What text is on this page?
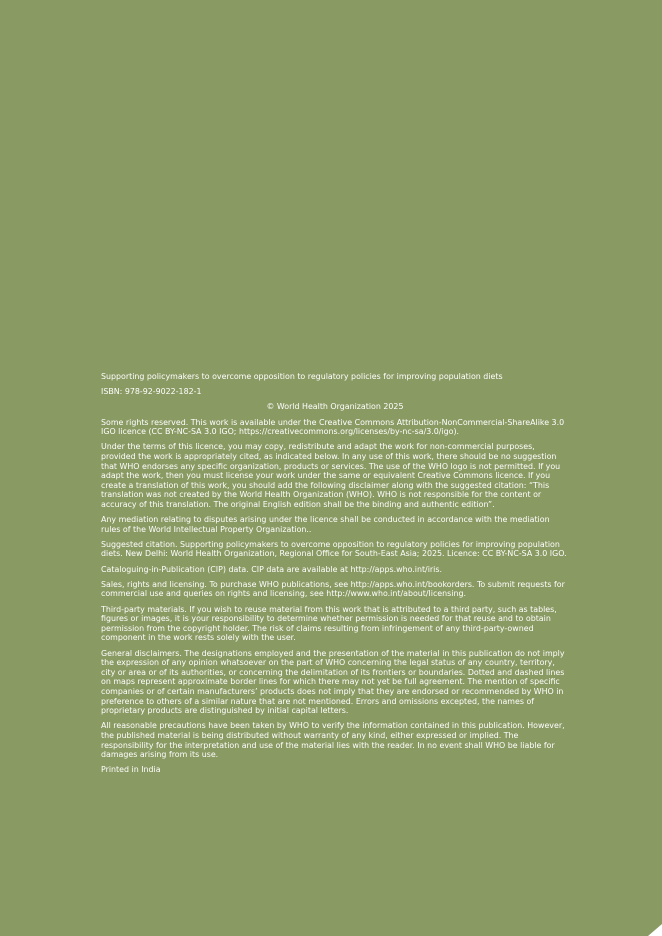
Supporting policymakers to overcome opposition to regulatory policies for improving population diets

ISBN: 978-92-9022-182-1

© World Health Organization 2025

Some rights reserved. This work is available under the Creative Commons Attribution-NonCommercial-ShareAlike 3.0 IGO licence (CC BY-NC-SA 3.0 IGO; https://creativecommons.org/licenses/by-nc-sa/3.0/igo).

Under the terms of this licence, you may copy, redistribute and adapt the work for non-commercial purposes, provided the work is appropriately cited, as indicated below. In any use of this work, there should be no suggestion that WHO endorses any specific organization, products or services. The use of the WHO logo is not permitted. If you adapt the work, then you must license your work under the same or equivalent Creative Commons licence. If you create a translation of this work, you should add the following disclaimer along with the suggested citation: “This translation was not created by the World Health Organization (WHO). WHO is not responsible for the content or accuracy of this translation. The original English edition shall be the binding and authentic edition”.

Any mediation relating to disputes arising under the licence shall be conducted in accordance with the mediation rules of the World Intellectual Property Organization..

Suggested citation. Supporting policymakers to overcome opposition to regulatory policies for improving population diets. New Delhi: World Health Organization, Regional Office for South-East Asia; 2025. Licence: CC BY-NC-SA 3.0 IGO.

Cataloguing-in-Publication (CIP) data. CIP data are available at http://apps.who.int/iris.

Sales, rights and licensing. To purchase WHO publications, see http://apps.who.int/bookorders. To submit requests for commercial use and queries on rights and licensing, see http://www.who.int/about/licensing.

Third-party materials. If you wish to reuse material from this work that is attributed to a third party, such as tables, figures or images, it is your responsibility to determine whether permission is needed for that reuse and to obtain permission from the copyright holder. The risk of claims resulting from infringement of any third-party-owned component in the work rests solely with the user.

General disclaimers. The designations employed and the presentation of the material in this publication do not imply the expression of any opinion whatsoever on the part of WHO concerning the legal status of any country, territory, city or area or of its authorities, or concerning the delimitation of its frontiers or boundaries. Dotted and dashed lines on maps represent approximate border lines for which there may not yet be full agreement. The mention of specific companies or of certain manufacturers’ products does not imply that they are endorsed or recommended by WHO in preference to others of a similar nature that are not mentioned. Errors and omissions excepted, the names of proprietary products are distinguished by initial capital letters.

All reasonable precautions have been taken by WHO to verify the information contained in this publication. However, the published material is being distributed without warranty of any kind, either expressed or implied. The responsibility for the interpretation and use of the material lies with the reader. In no event shall WHO be liable for damages arising from its use.

Printed in India
